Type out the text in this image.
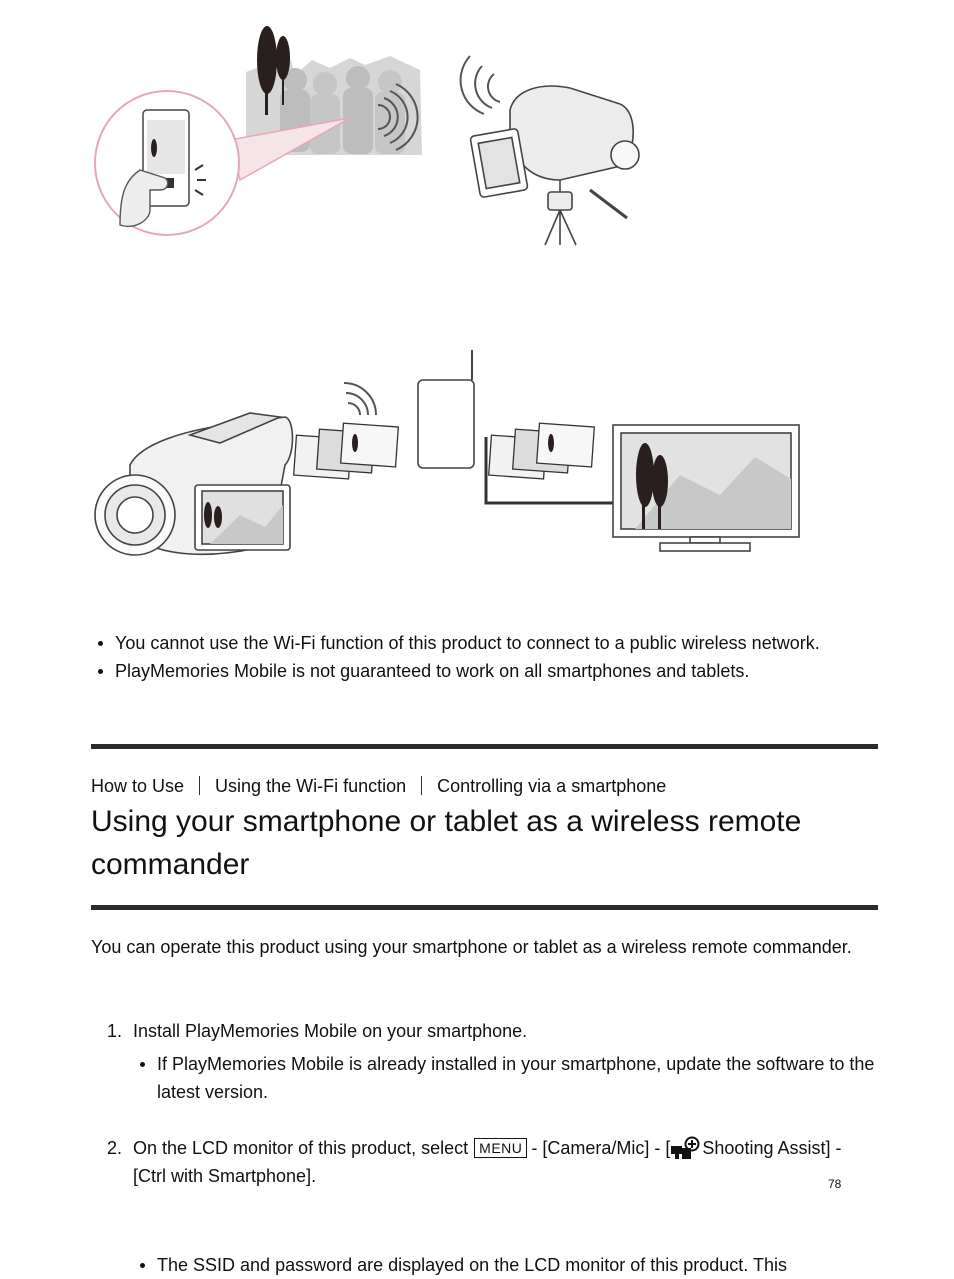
You cannot use the Wi-Fi function of this product to connect to a public wireless network.
PlayMemories Mobile is not guaranteed to work on all smartphones and tablets.
How to Use Using the Wi-Fi function Controlling via a smartphone
Using your smartphone or tablet as a wireless remote commander
You can operate this product using your smartphone or tablet as a wireless remote commander.
1. Install PlayMemories Mobile on your smartphone.
If PlayMemories Mobile is already installed in your smartphone, update the software to the latest version.
2. On the LCD monitor of this product, select MENU - [Camera/Mic] - [ Shooting Assist] - [Ctrl with Smartphone].
The SSID and password are displayed on the LCD monitor of this product. This
78
